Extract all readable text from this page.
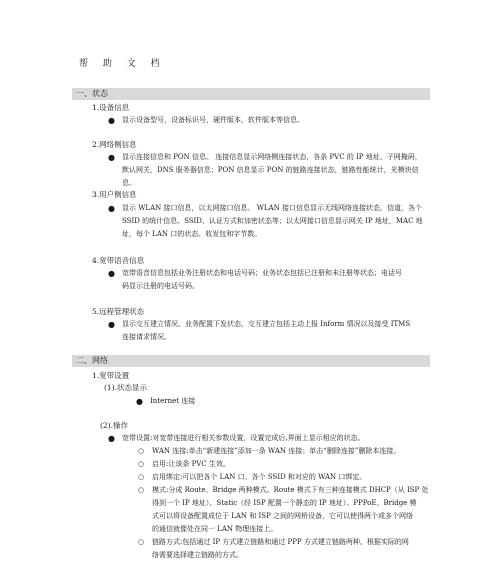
帮 助 文 档
一、状态
1.设备信息
● 显示设备型号，设备标识号，硬件版本，软件版本等信息。

2.网络侧信息
● 显示连接信息和 PON 信息。 连接信息显示网络侧连接状态，各条 PVC 的 IP 地址、子网掩码，

默认网关，DNS 服务器信息；PON 信息显示 PON 的链路连接状态，链路性能统计，光模块信息。

3.用户侧信息
● 显示 WLAN 接口信息，以太网接口信息。 WLAN 接口信息显示无线网络连接状态，信道，各个

SSID 的统计信息、SSID、认证方式和加密状态等；以太网接口信息显示网关 IP 地址，MAC 地

址，每个 LAN 口的状态、收发包和字节数。

4.宽带语音信息
● 宽带语音信息包括业务注册状态和电话号码；业务状态包括已注册和未注册等状态；电话号

码显示注册的电话号码。

5.远程管理状态
● 显示交互建立情况、业务配置下发状态，交互建立包括主动上报 Inform 情况以及接受 ITMS

连接请求情况。

二、网络
1.宽带设置
(1).状态显示
● Internet 连接

(2).操作
● 宽带设置:对宽带连接进行相关参数设置，设置完成后,界面上显示相应的状态。

○ WAN 连接:单击“新建连接”添加一条 WAN 连接；单击“删除连接”删除本连接。

○ 启用:让该条 PVC 生效。

○ 启用绑定:可以把各个 LAN 口、各个 SSID 和对应的 WAN 口绑定。

○ 模式:分成 Route、Bridge 两种模式。Route 模式下有三种连接模式 DHCP（从 ISP 处

得到一个 IP 地址）、Static（经 ISP 配置一个静态的 IP 地址）、PPPoE。Bridge 模

式可以将设备配置成位于 LAN 和 ISP 之间的网桥设备，它可以使得两个或多个网络

的通信就像处在同一 LAN 物理连接上。

○ 链路方式:包括通过 IP 方式建立链路和通过 PPP 方式建立链路两种。根据实际的网

络需要选择建立链路的方式。
